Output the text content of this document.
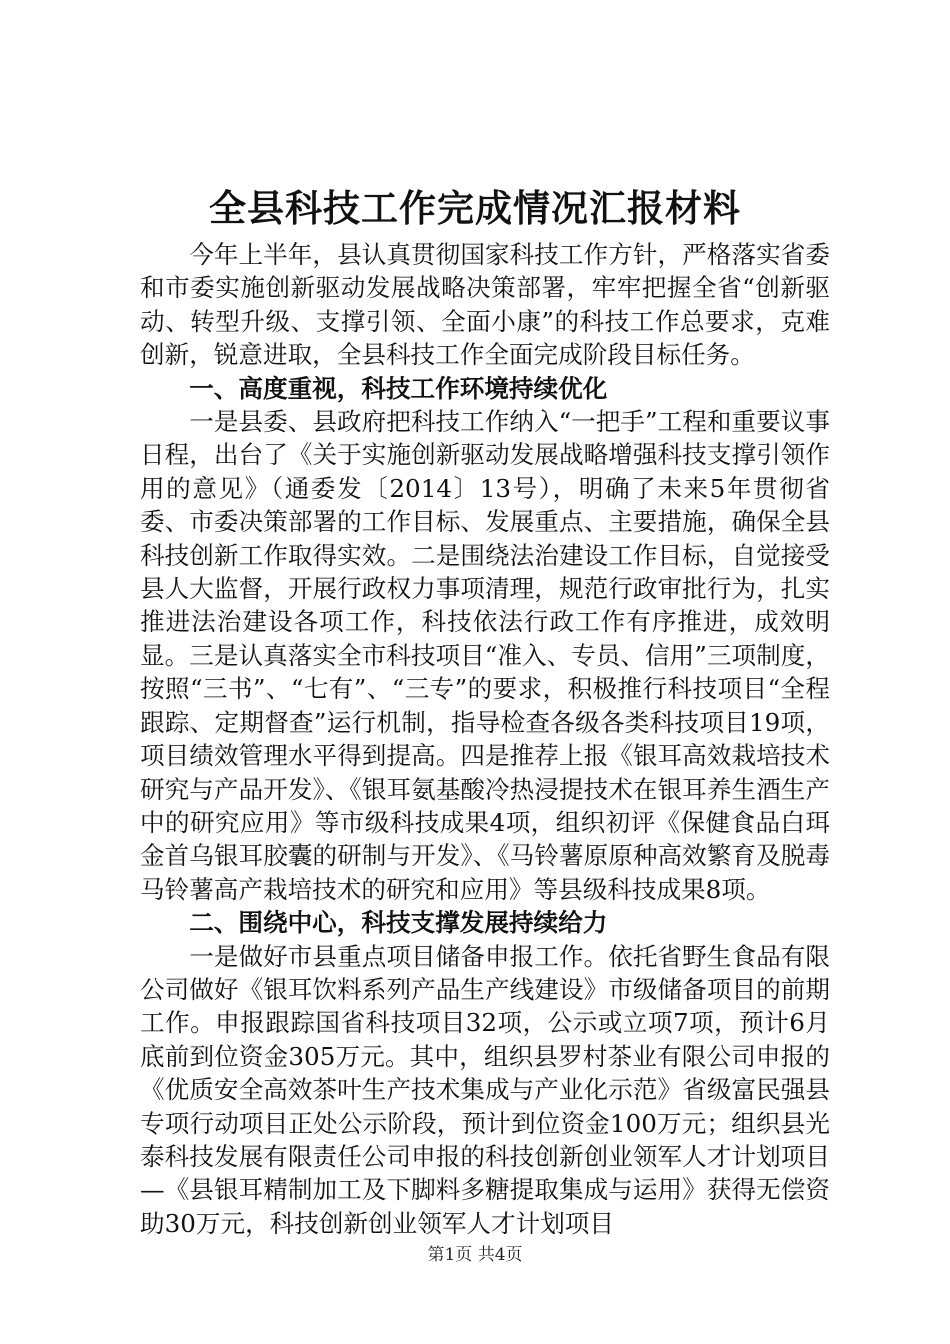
全县科技工作完成情况汇报材料

今年上半年，县认真贯彻国家科技工作方针，严格落实省委和市委实施创新驱动发展战略决策部署，牢牢把握全省“创新驱动、转型升级、支撑引领、全面小康”的科技工作总要求，克难创新，锐意进取，全县科技工作全面完成阶段目标任务。

一、高度重视，科技工作环境持续优化

一是县委、县政府把科技工作纳入“一把手”工程和重要议事日程，出台了《关于实施创新驱动发展战略增强科技支撑引领作用的意见》（通委发〔2014〕13号），明确了未来5年贯彻省委、市委决策部署的工作目标、发展重点、主要措施，确保全县科技创新工作取得实效。二是围绕法治建设工作目标，自觉接受县人大监督，开展行政权力事项清理，规范行政审批行为，扎实推进法治建设各项工作，科技依法行政工作有序推进，成效明显。三是认真落实全市科技项目“准入、专员、信用”三项制度，按照“三书”、“七有”、“三专”的要求，积极推行科技项目“全程跟踪、定期督查”运行机制，指导检查各级各类科技项目19项，项目绩效管理水平得到提高。四是推荐上报《银耳高效栽培技术研究与产品开发》、《银耳氨基酸冷热浸提技术在银耳养生酒生产中的研究应用》等市级科技成果4项，组织初评《保健食品白珥金首乌银耳胶囊的研制与开发》、《马铃薯原原种高效繁育及脱毒马铃薯高产栽培技术的研究和应用》等县级科技成果8项。

二、围绕中心，科技支撑发展持续给力

一是做好市县重点项目储备申报工作。依托省野生食品有限公司做好《银耳饮料系列产品生产线建设》市级储备项目的前期工作。申报跟踪国省科技项目32项，公示或立项7项，预计6月底前到位资金305万元。其中，组织县罗村茶业有限公司申报的《优质安全高效茶叶生产技术集成与产业化示范》省级富民强县专项行动项目正处公示阶段，预计到位资金100万元；组织县光泰科技发展有限责任公司申报的科技创新创业领军人才计划项目—《县银耳精制加工及下脚料多糖提取集成与运用》获得无偿资助30万元，科技创新创业领军人才计划项目

第1页 共4页
